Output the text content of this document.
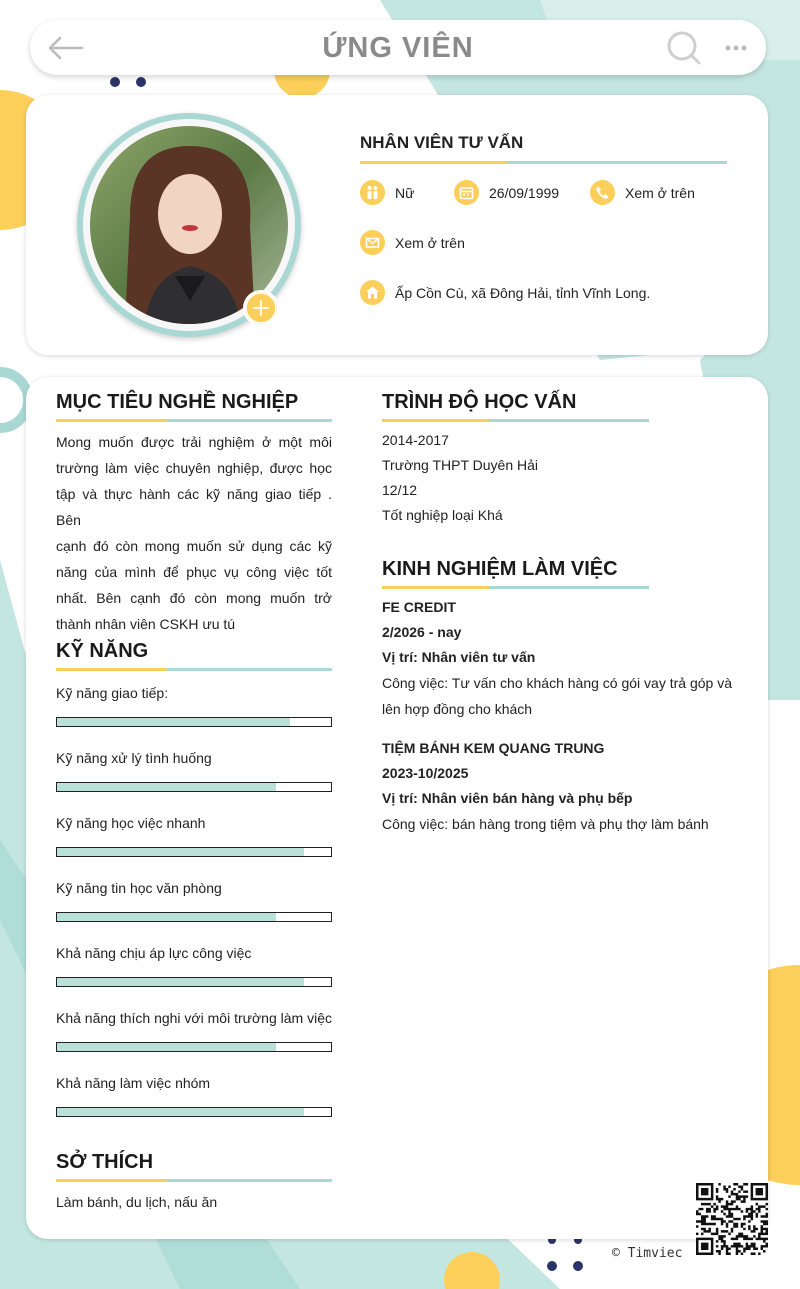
ỨNG VIÊN
NHÂN VIÊN TƯ VẤN
Nữ	26/09/1999	Xem ở trên
Xem ở trên
Ấp Cồn Cù, xã Đông Hải, tỉnh Vĩnh Long.
MỤC TIÊU NGHỀ NGHIỆP
Mong muốn được trải nghiệm ở một môi
trường làm việc chuyên nghiệp, được học
tập và thực hành các kỹ năng giao tiếp . Bên
cạnh đó còn mong muốn sử dụng các kỹ
năng của mình để phục vụ công việc tốt
nhất. Bên cạnh đó còn mong muốn trở
thành nhân viên CSKH ưu tú
KỸ NĂNG
Kỹ năng giao tiếp:
Kỹ năng xử lý tình huống
Kỹ năng học việc nhanh
Kỹ năng tin học văn phòng
Khả năng chịu áp lực công việc
Khả năng thích nghi với môi trường làm việc
Khả năng làm việc nhóm
SỞ THÍCH
Làm bánh, du lịch, nấu ăn
TRÌNH ĐỘ HỌC VẤN
2014-2017
Trường THPT Duyên Hải
12/12
Tốt nghiệp loại Khá
KINH NGHIỆM LÀM VIỆC
FE CREDIT
2/2026 - nay
Vị trí: Nhân viên tư vấn
Công việc: Tư vấn cho khách hàng có gói vay trả góp và
lên hợp đồng cho khách
TIỆM BÁNH KEM QUANG TRUNG
2023-10/2025
Vị trí: Nhân viên bán hàng và phụ bếp
Công việc: bán hàng trong tiệm và phụ thợ làm bánh
© Timviec
